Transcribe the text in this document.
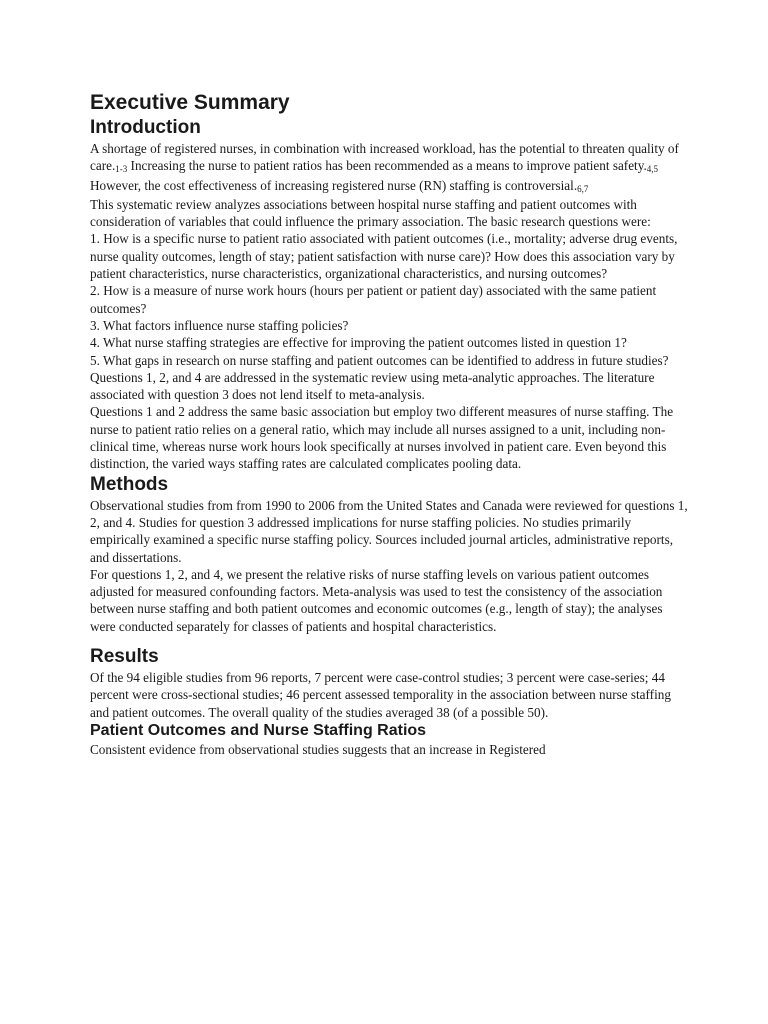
Executive Summary
Introduction

A shortage of registered nurses, in combination with increased workload, has the potential to threaten quality of care.$^{1-3}$ Increasing the nurse to patient ratios has been recommended as a means to improve patient safety.$^{4,5}$ However, the cost effectiveness of increasing registered nurse (RN) staffing is controversial.$^{6,7}$

This systematic review analyzes associations between hospital nurse staffing and patient outcomes with consideration of variables that could influence the primary association. The basic research questions were:

1. How is a specific nurse to patient ratio associated with patient outcomes (i.e., mortality; adverse drug events, nurse quality outcomes, length of stay; patient satisfaction with nurse care)? How does this association vary by patient characteristics, nurse characteristics, organizational characteristics, and nursing outcomes?

2. How is a measure of nurse work hours (hours per patient or patient day) associated with the same patient outcomes?

3. What factors influence nurse staffing policies?

4. What nurse staffing strategies are effective for improving the patient outcomes listed in question 1?

5. What gaps in research on nurse staffing and patient outcomes can be identified to address in future studies?

Questions 1, 2, and 4 are addressed in the systematic review using meta-analytic approaches. The literature associated with question 3 does not lend itself to meta-analysis.

Questions 1 and 2 address the same basic association but employ two different measures of nurse staffing. The nurse to patient ratio relies on a general ratio, which may include all nurses assigned to a unit, including non-clinical time, whereas nurse work hours look specifically at nurses involved in patient care. Even beyond this distinction, the varied ways staffing rates are calculated complicates pooling data.

Methods

Observational studies from from 1990 to 2006 from the United States and Canada were reviewed for questions 1, 2, and 4. Studies for question 3 addressed implications for nurse staffing policies. No studies primarily empirically examined a specific nurse staffing policy. Sources included journal articles, administrative reports, and dissertations.

For questions 1, 2, and 4, we present the relative risks of nurse staffing levels on various patient outcomes adjusted for measured confounding factors. Meta-analysis was used to test the consistency of the association between nurse staffing and both patient outcomes and economic outcomes (e.g., length of stay); the analyses were conducted separately for classes of patients and hospital characteristics.

Results

Of the 94 eligible studies from 96 reports, 7 percent were case-control studies; 3 percent were case-series; 44 percent were cross-sectional studies; 46 percent assessed temporality in the association between nurse staffing and patient outcomes. The overall quality of the studies averaged 38 (of a possible 50).

Patient Outcomes and Nurse Staffing Ratios

Consistent evidence from observational studies suggests that an increase in Registered
